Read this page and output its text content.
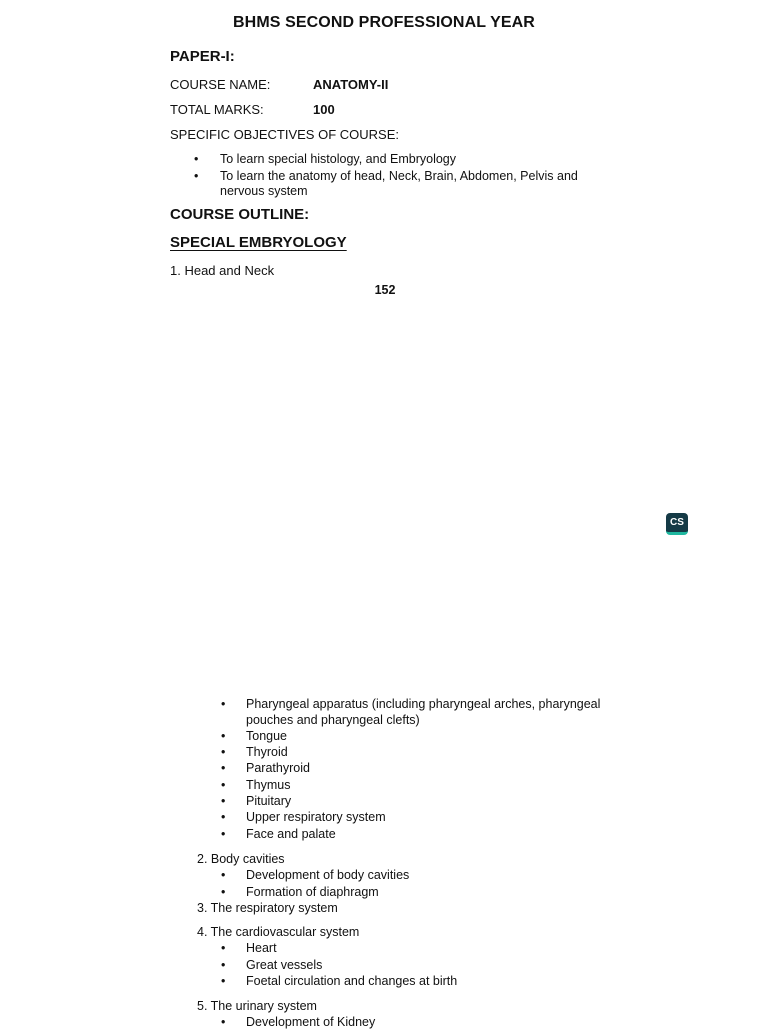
BHMS SECOND PROFESSIONAL YEAR
PAPER-I:
COURSE NAME:	ANATOMY-II
TOTAL MARKS:	100
SPECIFIC OBJECTIVES OF COURSE:
• To learn special histology, and Embryology
• To learn the anatomy of head, Neck, Brain, Abdomen, Pelvis and
nervous system
COURSE OUTLINE:
SPECIAL EMBRYOLOGY
1. Head and Neck
152
CS
• Pharyngeal apparatus (including pharyngeal arches, pharyngeal
pouches and pharyngeal clefts)
• Tongue
• Thyroid
• Parathyroid
• Thymus
• Pituitary
• Upper respiratory system
• Face and palate
2. Body cavities
• Development of body cavities
• Formation of diaphragm
3. The respiratory system
4. The cardiovascular system
• Heart
• Great vessels
• Foetal circulation and changes at birth
5. The urinary system
• Development of Kidney
